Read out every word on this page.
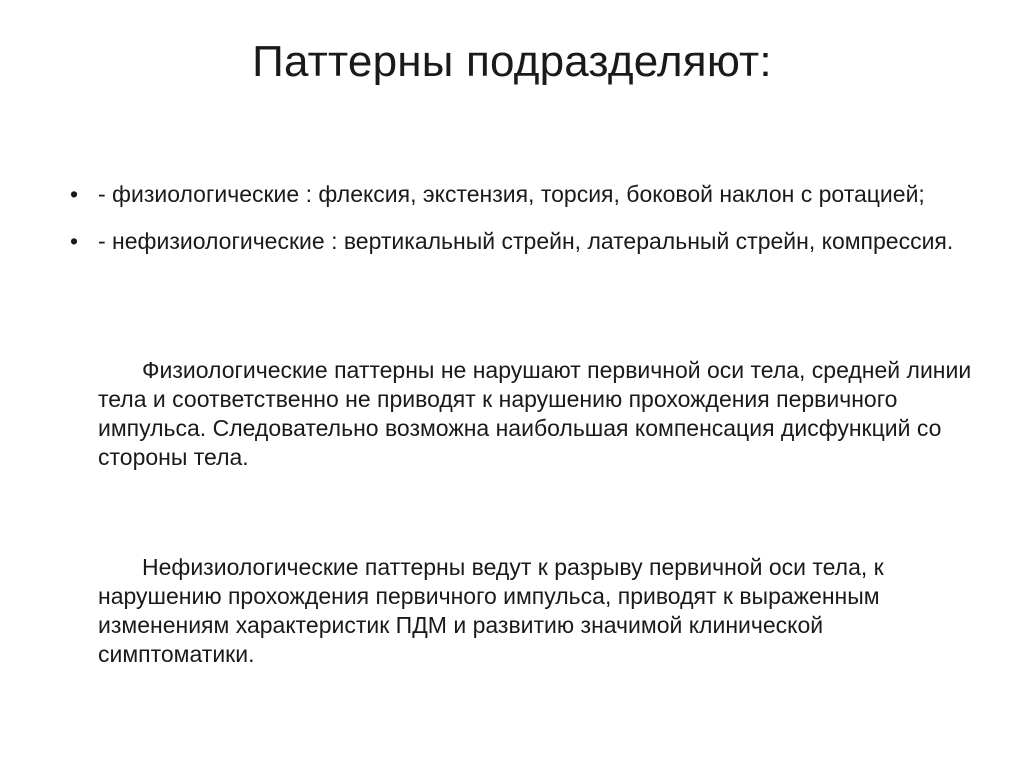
Паттерны подразделяют:
• - физиологические : флексия, экстензия, торсия, боковой наклон с ротацией;
• - нефизиологические : вертикальный стрейн, латеральный стрейн, компрессия.

Физиологические паттерны не нарушают первичной оси тела, средней линии тела и соответственно не приводят к нарушению прохождения первичного импульса. Следовательно возможна наибольшая компенсация дисфункций со стороны тела.

Нефизиологические паттерны ведут к разрыву первичной оси тела, к нарушению прохождения первичного импульса, приводят к выраженным изменениям характеристик ПДМ и развитию значимой клинической симптоматики.
